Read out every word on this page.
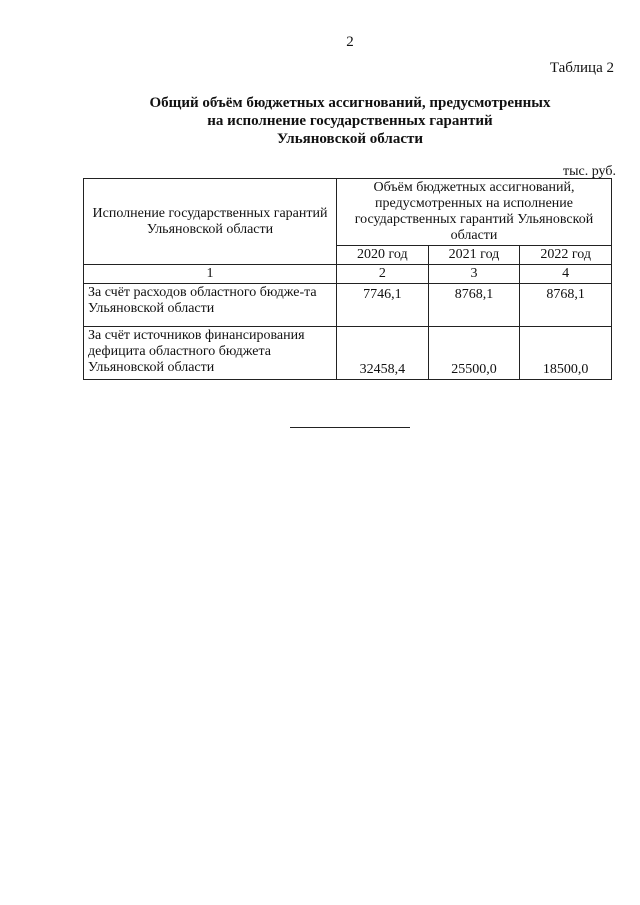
2
Таблица 2
Общий объём бюджетных ассигнований, предусмотренных
на исполнение государственных гарантий
Ульяновской области
тыс. руб.
Исполнение государственных гарантий Ульяновской области	Объём бюджетных ассигнований, предусмотренных на исполнение государственных гарантий Ульяновской области		
	2020 год	2021 год	2022 год
1	2	3	4
За счёт расходов областного бюдже-та Ульяновской области	7746,1	8768,1	8768,1
За счёт источников финансирования дефицита областного бюджета Ульяновской области	32458,4	25500,0	18500,0
